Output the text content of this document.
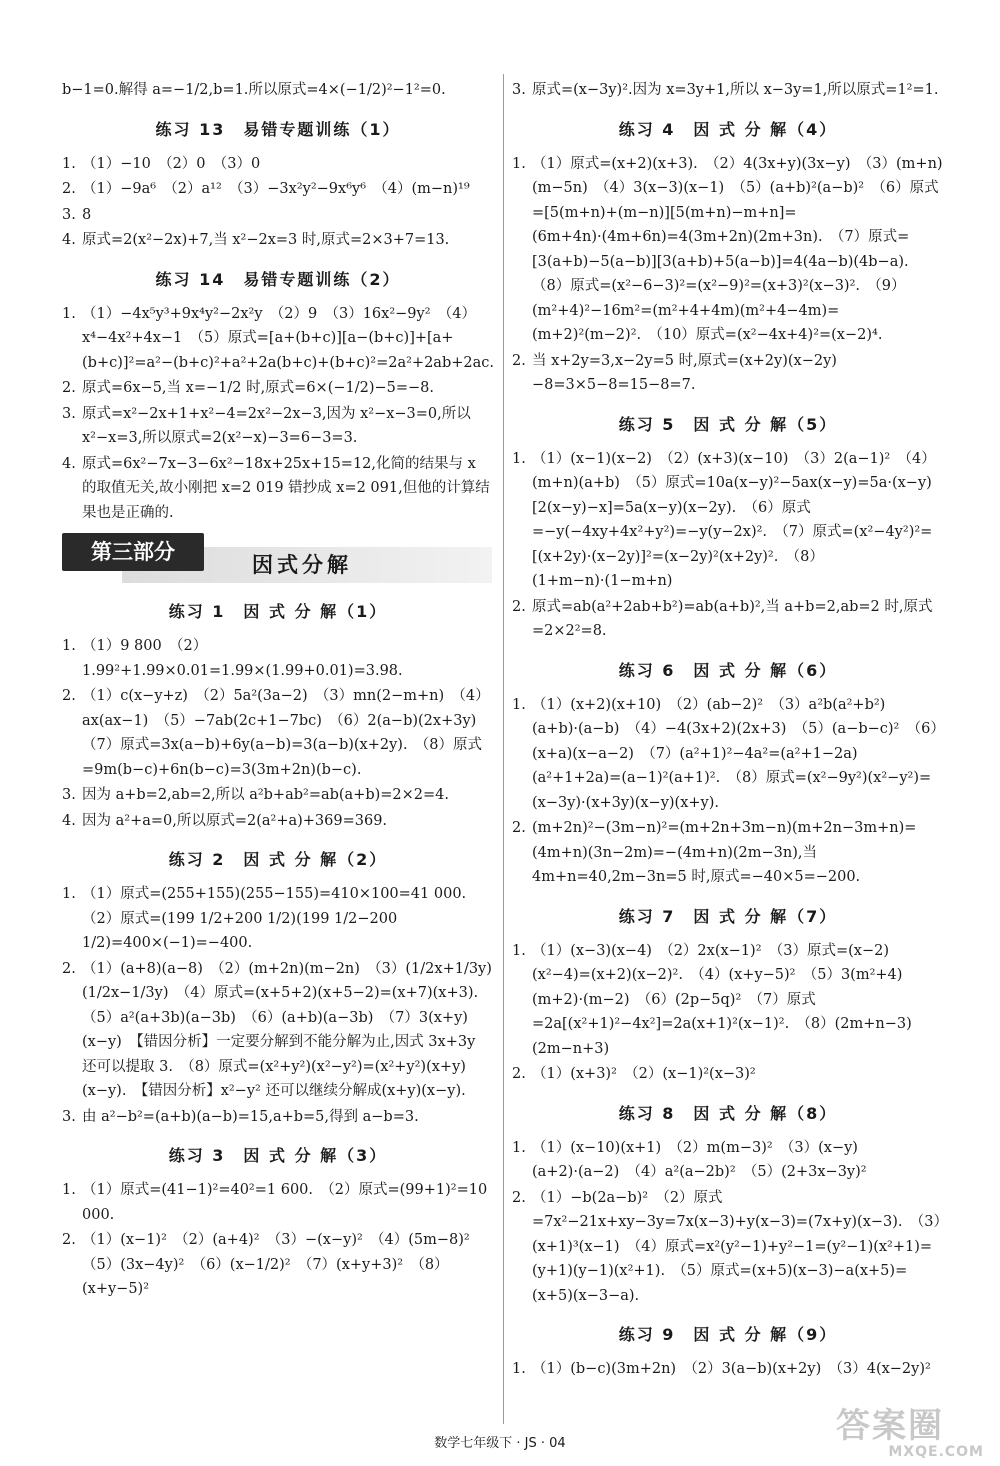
b−1=0.解得 a=−1/2,b=1.所以原式=4×(−1/2)²−1²=0.
练习 13　易错专题训练（1）
1. （1）−10　（2）0　（3）0
2. （1）−9a⁶　（2）a¹²　（3）−3x²y²−9x⁶y⁶　（4）(m−n)¹⁹
3. 8
4. 原式=2(x²−2x)+7,当 x²−2x=3 时,原式=2×3+7=13.
练习 14　易错专题训练（2）
1. （1）−4x⁵y³+9x⁴y²−2x²y　（2）9　（3）16x²−9y²　（4）x⁴−4x²+4x−1　（5）原式=[a+(b+c)][a−(b+c)]+[a+(b+c)]²=a²−(b+c)²+a²+2a(b+c)+(b+c)²=2a²+2ab+2ac.
2. 原式=6x−5,当 x=−1/2 时,原式=6×(−1/2)−5=−8.
3. 原式=x²−2x+1+x²−4=2x²−2x−3,因为 x²−x−3=0,所以 x²−x=3,所以原式=2(x²−x)−3=6−3=3.
4. 原式=6x²−7x−3−6x²−18x+25x+15=12,化简的结果与 x 的取值无关,故小刚把 x=2 019 错抄成 x=2 091,但他的计算结果也是正确的.
第三部分
因式分解
练习 1　因 式 分 解（1）
1. （1）9 800　（2）1.99²+1.99×0.01=1.99×(1.99+0.01)=3.98.
2. （1）c(x−y+z)　（2）5a²(3a−2)　（3）mn(2−m+n)　（4）ax(ax−1)　（5）−7ab(2c+1−7bc)　（6）2(a−b)(2x+3y)　（7）原式=3x(a−b)+6y(a−b)=3(a−b)(x+2y).　（8）原式=9m(b−c)+6n(b−c)=3(3m+2n)(b−c).
3. 因为 a+b=2,ab=2,所以 a²b+ab²=ab(a+b)=2×2=4.
4. 因为 a²+a=0,所以原式=2(a²+a)+369=369.
练习 2　因 式 分 解（2）
1. （1）原式=(255+155)(255−155)=410×100=41 000.　（2）原式=(199 1/2+200 1/2)(199 1/2−200 1/2)=400×(−1)=−400.
2. （1）(a+8)(a−8)　（2）(m+2n)(m−2n)　（3）(1/2x+1/3y)(1/2x−1/3y)　（4）原式=(x+5+2)(x+5−2)=(x+7)(x+3).　（5）a²(a+3b)(a−3b)　（6）(a+b)(a−3b)　（7）3(x+y)(x−y)　【错因分析】一定要分解到不能分解为止,因式 3x+3y 还可以提取 3.　（8）原式=(x²+y²)(x²−y²)=(x²+y²)(x+y)(x−y).　【错因分析】x²−y² 还可以继续分解成(x+y)(x−y).
3. 由 a²−b²=(a+b)(a−b)=15,a+b=5,得到 a−b=3.
练习 3　因 式 分 解（3）
1. （1）原式=(41−1)²=40²=1 600.　（2）原式=(99+1)²=10 000.
2. （1）(x−1)²　（2）(a+4)²　（3）−(x−y)²　（4）(5m−8)²　（5）(3x−4y)²　（6）(x−1/2)²　（7）(x+y+3)²　（8）(x+y−5)²
3. 原式=(x−3y)².因为 x=3y+1,所以 x−3y=1,所以原式=1²=1.
练习 4　因 式 分 解（4）
1. （1）原式=(x+2)(x+3).　（2）4(3x+y)(3x−y)　（3）(m+n)(m−5n)　（4）3(x−3)(x−1)　（5）(a+b)²(a−b)²　（6）原式=[5(m+n)+(m−n)][5(m+n)−m+n]=(6m+4n)·(4m+6n)=4(3m+2n)(2m+3n).　（7）原式=[3(a+b)−5(a−b)][3(a+b)+5(a−b)]=4(4a−b)(4b−a).　（8）原式=(x²−6−3)²=(x²−9)²=(x+3)²(x−3)².　（9）(m²+4)²−16m²=(m²+4+4m)(m²+4−4m)=(m+2)²(m−2)².　（10）原式=(x²−4x+4)²=(x−2)⁴.
2. 当 x+2y=3,x−2y=5 时,原式=(x+2y)(x−2y)−8=3×5−8=15−8=7.
练习 5　因 式 分 解（5）
1. （1）(x−1)(x−2)　（2）(x+3)(x−10)　（3）2(a−1)²　（4）(m+n)(a+b)　（5）原式=10a(x−y)²−5ax(x−y)=5a·(x−y)[2(x−y)−x]=5a(x−y)(x−2y).　（6）原式=−y(−4xy+4x²+y²)=−y(y−2x)².　（7）原式=(x²−4y²)²=[(x+2y)·(x−2y)]²=(x−2y)²(x+2y)².　（8）(1+m−n)·(1−m+n)
2. 原式=ab(a²+2ab+b²)=ab(a+b)²,当 a+b=2,ab=2 时,原式=2×2²=8.
练习 6　因 式 分 解（6）
1. （1）(x+2)(x+10)　（2）(ab−2)²　（3）a²b(a²+b²)(a+b)·(a−b)　（4）−4(3x+2)(2x+3)　（5）(a−b−c)²　（6）(x+a)(x−a−2)　（7）(a²+1)²−4a²=(a²+1−2a)(a²+1+2a)=(a−1)²(a+1)².　（8）原式=(x²−9y²)(x²−y²)=(x−3y)·(x+3y)(x−y)(x+y).
2. (m+2n)²−(3m−n)²=(m+2n+3m−n)(m+2n−3m+n)=(4m+n)(3n−2m)=−(4m+n)(2m−3n),当 4m+n=40,2m−3n=5 时,原式=−40×5=−200.
练习 7　因 式 分 解（7）
1. （1）(x−3)(x−4)　（2）2x(x−1)²　（3）原式=(x−2)(x²−4)=(x+2)(x−2)².　（4）(x+y−5)²　（5）3(m²+4)(m+2)·(m−2)　（6）(2p−5q)²　（7）原式=2a[(x²+1)²−4x²]=2a(x+1)²(x−1)².　（8）(2m+n−3)(2m−n+3)
2. （1）(x+3)²　（2）(x−1)²(x−3)²
练习 8　因 式 分 解（8）
1. （1）(x−10)(x+1)　（2）m(m−3)²　（3）(x−y)(a+2)·(a−2)　（4）a²(a−2b)²　（5）(2+3x−3y)²
2. （1）−b(2a−b)²　（2）原式=7x²−21x+xy−3y=7x(x−3)+y(x−3)=(7x+y)(x−3).　（3）(x+1)³(x−1)　（4）原式=x²(y²−1)+y²−1=(y²−1)(x²+1)=(y+1)(y−1)(x²+1).　（5）原式=(x+5)(x−3)−a(x+5)=(x+5)(x−3−a).
练习 9　因 式 分 解（9）
1. （1）(b−c)(3m+2n)　（2）3(a−b)(x+2y)　（3）4(x−2y)²
数学七年级下 · JS · 04	答案圈
MXQE.COM
